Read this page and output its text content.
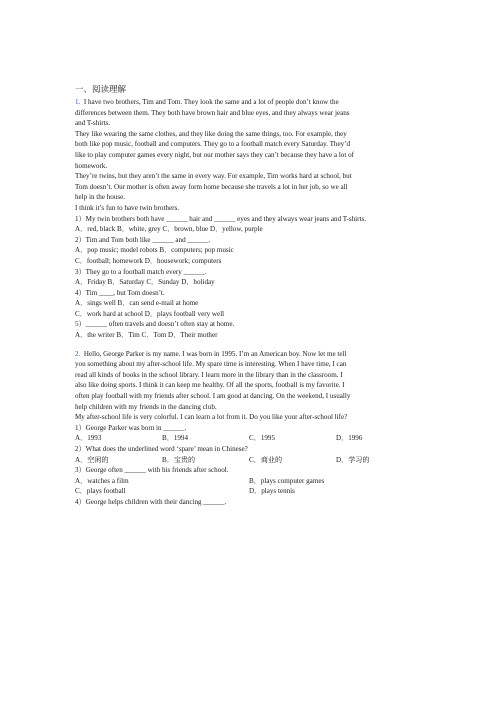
一、阅读理解

1. I have two brothers, Tim and Tom. They look the same and a lot of people don’t know the

differences between them. They both have brown hair and blue eyes, and they always wear jeans

and T-shirts.

They like wearing the same clothes, and they like doing the same things, too. For example, they

both like pop music, football and computers. They go to a football match every Saturday. They’d

like to play computer games every night, but our mother says they can’t because they have a lot of

homework.

They’re twins, but they aren’t the same in every way. For example, Tim works hard at school, but

Tom doesn’t. Our mother is often away form home because she travels a lot in her job, so we all

help in the house.

I think it’s fun to have twin brothers.

1）My twin brothers both have ______ hair and ______ eyes and they always wear jeans and T-shirts.

A．red, black B．white, grey C．brown, blue D．yellow, purple

2）Tim and Tom both like ______ and ______.

A．pop music; model robots B．computers; pop music

C．football; homework D．housework; computers

3）They go to a football match every ______.

A．Friday B．Saturday C．Sunday D．holiday

4）Tim ____, but Tom doesn’t.

A．sings well B．can send e-mail at home

C．work hard at school D．plays football very well

5）______ often travels and doesn’t often stay at home.

A．the writer B．Tim C．Tom D．Their mother

2. Hello, George Parker is my name. I was born in 1995. I’m an American boy. Now let me tell

you something about my after-school life. My spare time is interesting. When I have time, I can

read all kinds of books in the school library. I learn more in the library than in the classroom. I

also like doing sports. I think it can keep me healthy. Of all the sports, football is my favorite. I

often play football with my friends after school. I am good at dancing. On the weekend, I usually

help children with my friends in the dancing club.

My after-school life is very colorful. I can learn a lot from it. Do you like your after-school life?

1）George Parker was born in ______.

A．1993	B．1994	C．1995	D．1996

2）What does the underlined word ‘spare’ mean in Chinese?

A．空闲的	B．宝贵的	C．商业的	D．学习的

3）George often ______ with his friends after school.

A．watches a film	B．plays computer games
C．plays football	D．plays tennis

4）George helps children with their dancing ______.
